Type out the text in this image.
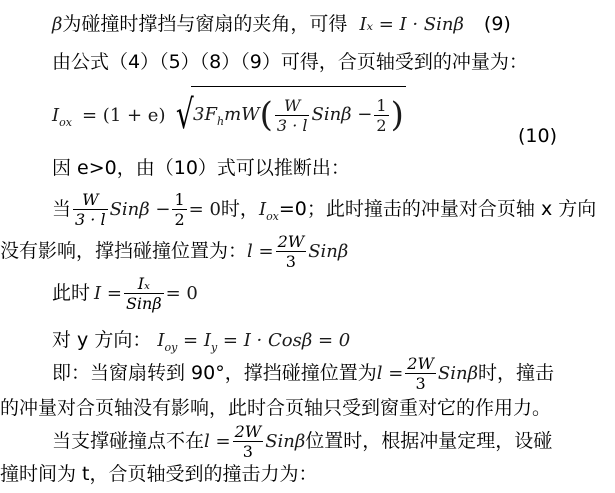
β为碰撞时撑挡与窗扇的夹角，可得 Iₓ = I · Sinβ (9)
由公式（4）（5）（8）（9）可得，合页轴受到的冲量为：
$I_{ox} = (1 + e)$ $√3F_hmW( \frac{W}{3 \cdot l}$ $Sin\beta - \frac{1}{2}$ )
(10)
因 e>0，由（10）式可以推断出：
当 $\frac{W}{3 \cdot l}$ $Sin\beta - \frac{1}{2} = 0$时，$I_{ox}=0$；此时撞击的冲量对合页轴 x 方向
没有影响，撑挡碰撞位置为：$l = \frac{2W}{3}$ Sinβ
此时 $I = \frac{\text{Iₓ}}{\text{Sinβ}} = 0$
对 y 方向： $I_{oy} = I_y = I \cdot Cos\beta = 0$
即：当窗扇转到 90°，撑挡碰撞位置为$l = \frac{2W}{3}$ Sinβ时，撞击
的冲量对合页轴没有影响，此时合页轴只受到窗重对它的作用力。
当支撑碰撞点不在$l = \frac{2W}{3}$ Sinβ位置时，根据冲量定理，设碰
撞时间为 t，合页轴受到的撞击力为：
